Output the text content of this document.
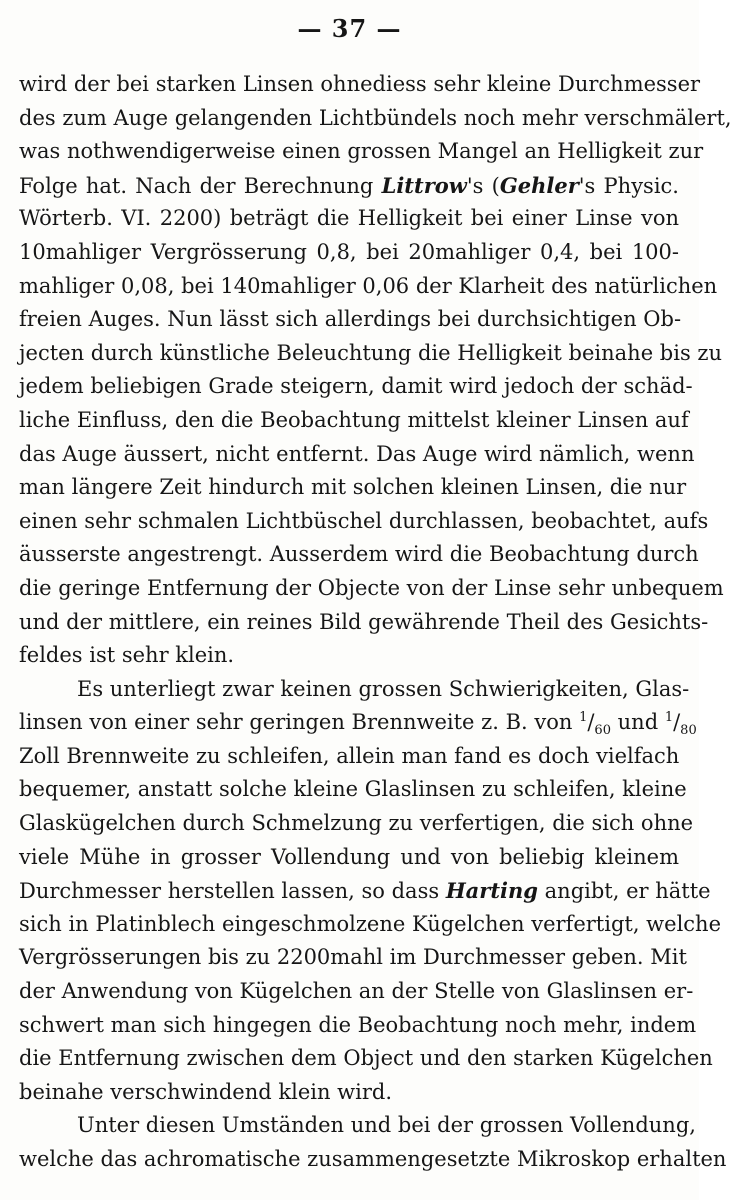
— 37 —
wird der bei starken Linsen ohnediess sehr kleine Durchmesser
des zum Auge gelangenden Lichtbündels noch mehr verschmälert,
was nothwendigerweise einen grossen Mangel an Helligkeit zur
Folge hat. Nach der Berechnung Littrow's (Gehler's Physic.
Wörterb. VI. 2200) beträgt die Helligkeit bei einer Linse von
10mahliger Vergrösserung 0,8, bei 20mahliger 0,4, bei 100-
mahliger 0,08, bei 140mahliger 0,06 der Klarheit des natürlichen
freien Auges. Nun lässt sich allerdings bei durchsichtigen Ob-
jecten durch künstliche Beleuchtung die Helligkeit beinahe bis zu
jedem beliebigen Grade steigern, damit wird jedoch der schäd-
liche Einfluss, den die Beobachtung mittelst kleiner Linsen auf
das Auge äussert, nicht entfernt. Das Auge wird nämlich, wenn
man längere Zeit hindurch mit solchen kleinen Linsen, die nur
einen sehr schmalen Lichtbüschel durchlassen, beobachtet, aufs
äusserste angestrengt. Ausserdem wird die Beobachtung durch
die geringe Entfernung der Objecte von der Linse sehr unbequem
und der mittlere, ein reines Bild gewährende Theil des Gesichts-
feldes ist sehr klein.
Es unterliegt zwar keinen grossen Schwierigkeiten, Glas-
linsen von einer sehr geringen Brennweite z. B. von $^1/_{60}$ und $^1/_{80}$
Zoll Brennweite zu schleifen, allein man fand es doch vielfach
bequemer, anstatt solche kleine Glaslinsen zu schleifen, kleine
Glaskügelchen durch Schmelzung zu verfertigen, die sich ohne
viele Mühe in grosser Vollendung und von beliebig kleinem
Durchmesser herstellen lassen, so dass Harting angibt, er hätte
sich in Platinblech eingeschmolzene Kügelchen verfertigt, welche
Vergrösserungen bis zu 2200mahl im Durchmesser geben. Mit
der Anwendung von Kügelchen an der Stelle von Glaslinsen er-
schwert man sich hingegen die Beobachtung noch mehr, indem
die Entfernung zwischen dem Object und den starken Kügelchen
beinahe verschwindend klein wird.
Unter diesen Umständen und bei der grossen Vollendung,
welche das achromatische zusammengesetzte Mikroskop erhalten
